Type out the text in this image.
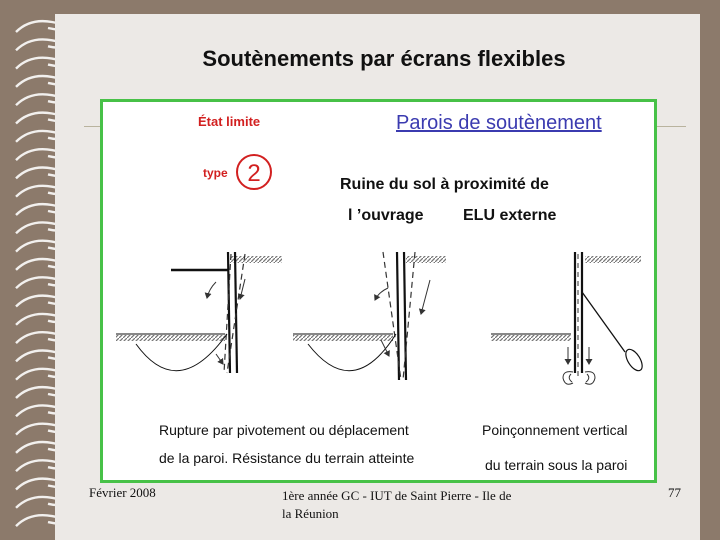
Soutènements par écrans flexibles
État limite
type 2
Parois de soutènement
Ruine du sol à proximité de
l ’ouvrage ELU externe
Rupture par pivotement ou déplacement
de la paroi. Résistance du terrain atteinte
Poinçonnement vertical
du terrain sous la paroi
Février 2008	1ère année GC - IUT de Saint Pierre - Ile de la Réunion
77
